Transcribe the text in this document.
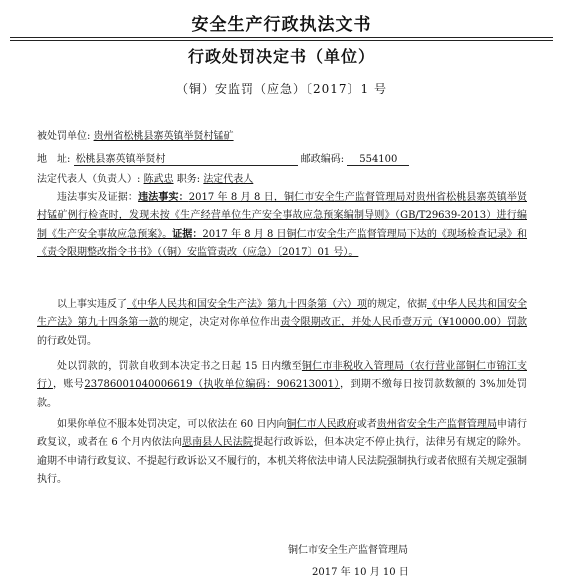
安全生产行政执法文书
行政处罚决定书（单位）
（铜）安监罚（应急）〔2017〕1 号
被处罚单位: 贵州省松桃县寨英镇举贤村锰矿
地　址: 松桃县寨英镇举贤村	邮政编码: 554100
法定代表人（负责人）: 陈武忠 职务: 法定代表人
违法事实及证据：违法事实：2017 年 8 月 8 日，铜仁市安全生产监督管理局对贵州省松桃县寨英镇举贤村锰矿例行检查时，发现未按《生产经营单位生产安全事故应急预案编制导则》（GB/T29639-2013）进行编制《生产安全事故应急预案》。证据：2017 年 8 月 8 日铜仁市安全生产监督管理局下达的《现场检查记录》和《责令限期整改指令书书》（（铜）安监管责改（应急）〔2017〕01 号）。
以上事实违反了《中华人民共和国安全生产法》第九十四条第（六）项的规定，依据《中华人民共和国安全生产法》第九十四条第一款的规定，决定对你单位作出责令限期改正，并处人民币壹万元（¥10000.00）罚款的行政处罚。
处以罚款的，罚款自收到本决定书之日起 15 日内缴至铜仁市非税收入管理局（农行营业部铜仁市锦江支行），账号23786001040006619（执收单位编码：906213001），到期不缴每日按罚款数额的 3%加处罚款。
如果你单位不服本处罚决定，可以依法在 60 日内向铜仁市人民政府或者贵州省安全生产监督管理局申请行政复议，或者在 6 个月内依法向思南县人民法院提起行政诉讼，但本决定不停止执行，法律另有规定的除外。逾期不申请行政复议、不提起行政诉讼又不履行的，本机关将依法申请人民法院强制执行或者依照有关规定强制执行。
铜仁市安全生产监督管理局
2017 年 10 月 10 日
